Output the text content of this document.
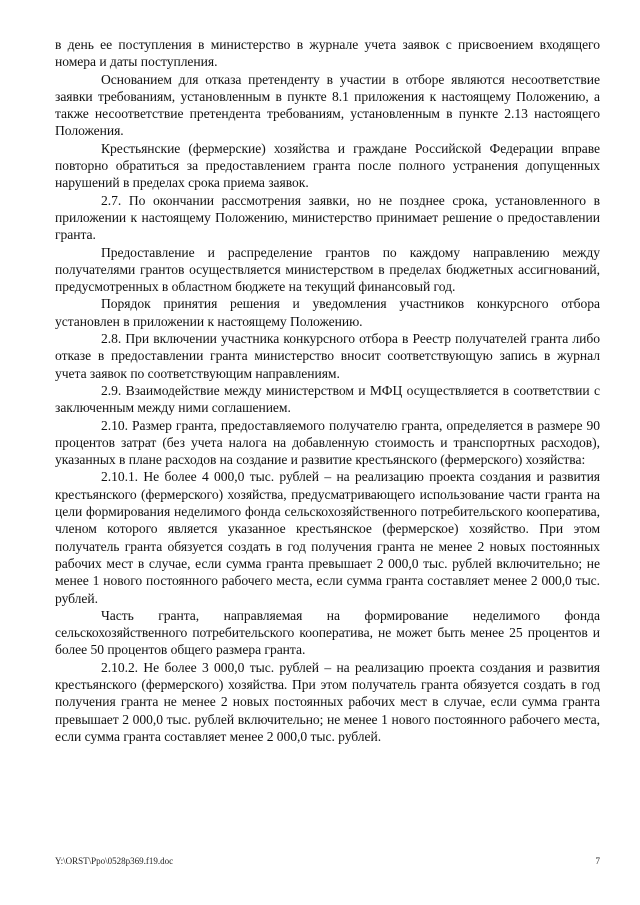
в день ее поступления в министерство в журнале учета заявок с присвоением входящего номера и даты поступления.

Основанием для отказа претенденту в участии в отборе являются несоответствие заявки требованиям, установленным в пункте 8.1 приложения к настоящему Положению, а также несоответствие претендента требованиям, установленным в пункте 2.13 настоящего Положения.

Крестьянские (фермерские) хозяйства и граждане Российской Федерации вправе повторно обратиться за предоставлением гранта после полного устранения допущенных нарушений в пределах срока приема заявок.

2.7. По окончании рассмотрения заявки, но не позднее срока, установленного в приложении к настоящему Положению, министерство принимает решение о предоставлении гранта.

Предоставление и распределение грантов по каждому направлению между получателями грантов осуществляется министерством в пределах бюджетных ассигнований, предусмотренных в областном бюджете на текущий финансовый год.

Порядок принятия решения и уведомления участников конкурсного отбора установлен в приложении к настоящему Положению.

2.8. При включении участника конкурсного отбора в Реестр получателей гранта либо отказе в предоставлении гранта министерство вносит соответствующую запись в журнал учета заявок по соответствующим направлениям.

2.9. Взаимодействие между министерством и МФЦ осуществляется в соответствии с заключенным между ними соглашением.

2.10. Размер гранта, предоставляемого получателю гранта, определяется в размере 90 процентов затрат (без учета налога на добавленную стоимость и транспортных расходов), указанных в плане расходов на создание и развитие крестьянского (фермерского) хозяйства:

2.10.1. Не более 4 000,0 тыс. рублей – на реализацию проекта создания и развития крестьянского (фермерского) хозяйства, предусматривающего использование части гранта на цели формирования неделимого фонда сельскохозяйственного потребительского кооператива, членом которого является указанное крестьянское (фермерское) хозяйство. При этом получатель гранта обязуется создать в год получения гранта не менее 2 новых постоянных рабочих мест в случае, если сумма гранта превышает 2 000,0 тыс. рублей включительно; не менее 1 нового постоянного рабочего места, если сумма гранта составляет менее 2 000,0 тыс. рублей.

Часть гранта, направляемая на формирование неделимого фонда сельскохозяйственного потребительского кооператива, не может быть менее 25 процентов и более 50 процентов общего размера гранта.

2.10.2. Не более 3 000,0 тыс. рублей – на реализацию проекта создания и развития крестьянского (фермерского) хозяйства. При этом получатель гранта обязуется создать в год получения гранта не менее 2 новых постоянных рабочих мест в случае, если сумма гранта превышает 2 000,0 тыс. рублей включительно; не менее 1 нового постоянного рабочего места, если сумма гранта составляет менее 2 000,0 тыс. рублей.

Y:\ORST\Ppo\0528p369.f19.doc	7
